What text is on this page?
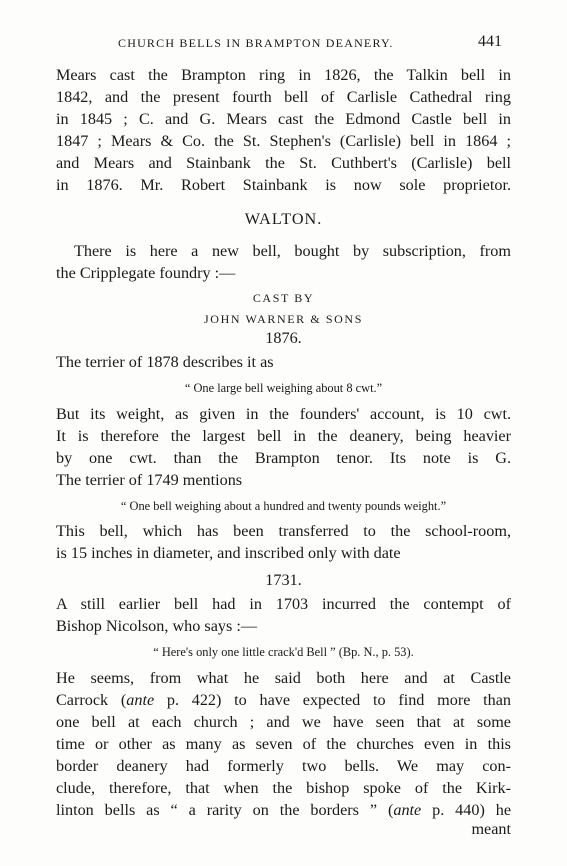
CHURCH BELLS IN BRAMPTON DEANERY.	441
Mears cast the Brampton ring in 1826, the Talkin bell in
1842, and the present fourth bell of Carlisle Cathedral ring
in 1845 ; C. and G. Mears cast the Edmond Castle bell in
1847 ; Mears & Co. the St. Stephen's (Carlisle) bell in 1864 ;
and Mears and Stainbank the St. Cuthbert's (Carlisle) bell
in 1876. Mr. Robert Stainbank is now sole proprietor.
WALTON.
There is here a new bell, bought by subscription, from
the Cripplegate foundry :—
CAST BY
JOHN WARNER & SONS
1876.
The terrier of 1878 describes it as
“ One large bell weighing about 8 cwt.”
But its weight, as given in the founders' account, is 10 cwt.
It is therefore the largest bell in the deanery, being heavier
by one cwt. than the Brampton tenor. Its note is G.
The terrier of 1749 mentions
“ One bell weighing about a hundred and twenty pounds weight.”
This bell, which has been transferred to the school-room,
is 15 inches in diameter, and inscribed only with date
1731.
A still earlier bell had in 1703 incurred the contempt of
Bishop Nicolson, who says :—
“ Here's only one little crack'd Bell ” (Bp. N., p. 53).
He seems, from what he said both here and at Castle
Carrock (ante p. 422) to have expected to find more than
one bell at each church ; and we have seen that at some
time or other as many as seven of the churches even in this
border deanery had formerly two bells. We may con-
clude, therefore, that when the bishop spoke of the Kirk-
linton bells as “ a rarity on the borders ” (ante p. 440) he
meant
